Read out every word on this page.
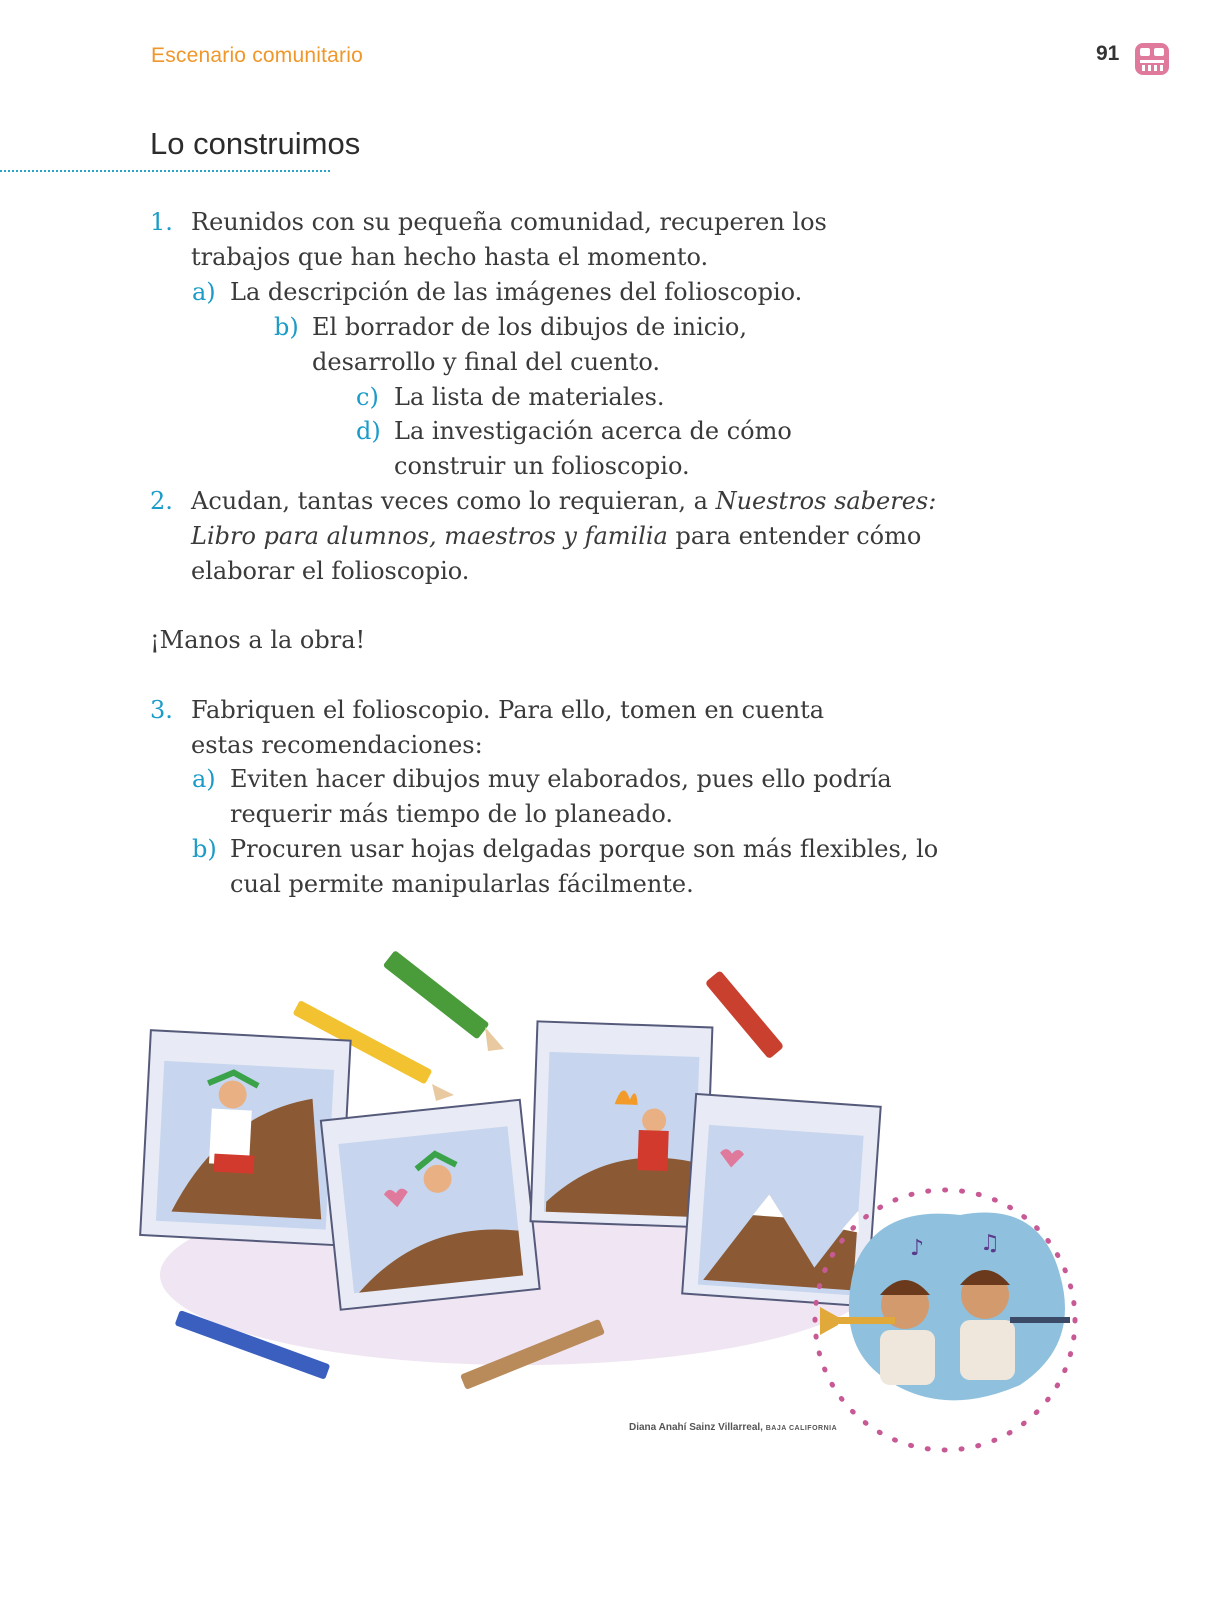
Escenario comunitario	91
Lo construimos
1. Reunidos con su pequeña comunidad, recuperen los
trabajos que han hecho hasta el momento.
a) La descripción de las imágenes del folioscopio.
b) El borrador de los dibujos de inicio,
desarrollo y final del cuento.
c) La lista de materiales.
d) La investigación acerca de cómo
construir un folioscopio.
2. Acudan, tantas veces como lo requieran, a Nuestros saberes:
Libro para alumnos, maestros y familia para entender cómo
elaborar el folioscopio.
¡Manos a la obra!
3. Fabriquen el folioscopio. Para ello, tomen en cuenta
estas recomendaciones:
a) Eviten hacer dibujos muy elaborados, pues ello podría
requerir más tiempo de lo planeado.
b) Procuren usar hojas delgadas porque son más flexibles, lo
cual permite manipularlas fácilmente.
♪	♫
Diana Anahí Sainz Villarreal, BAJA CALIFORNIA
